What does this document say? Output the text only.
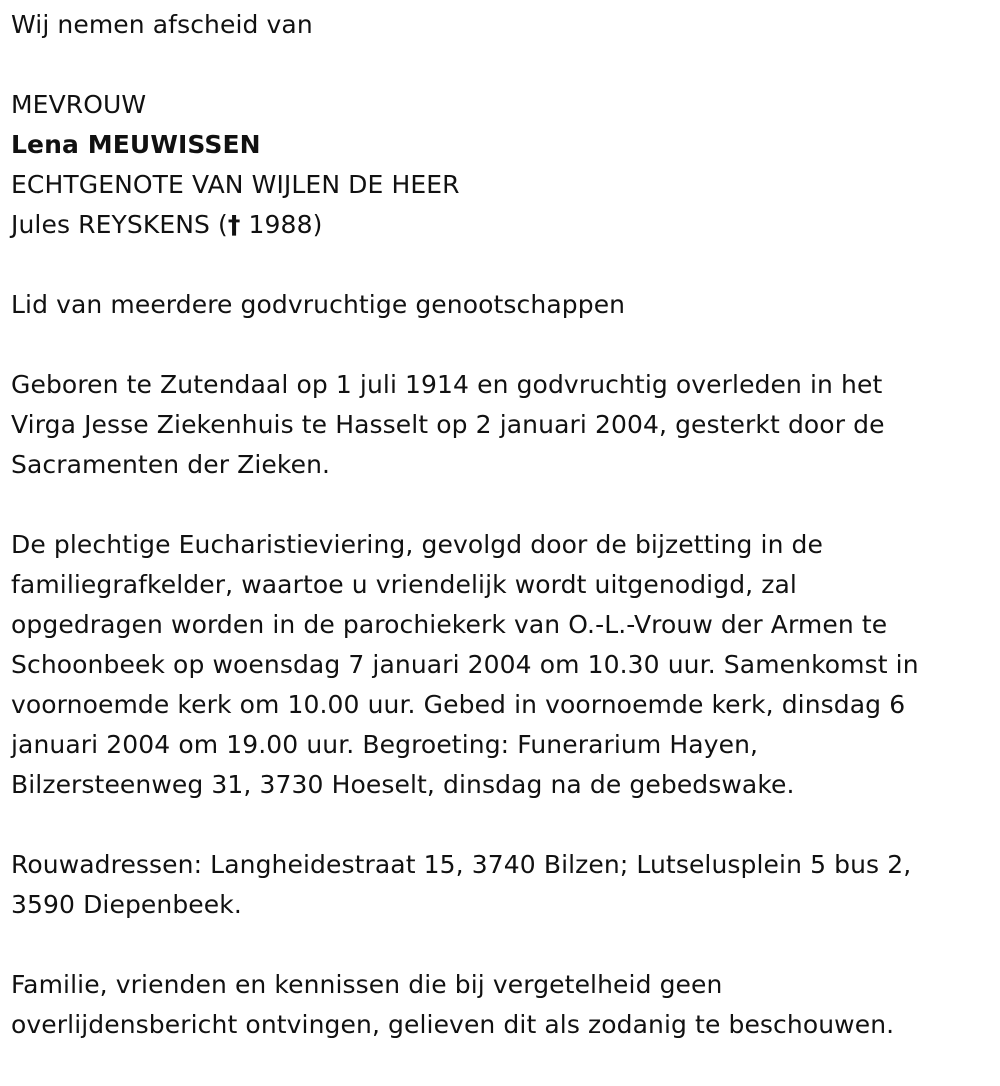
Wij nemen afscheid van
MEVROUW
Lena MEUWISSEN
ECHTGENOTE VAN WIJLEN DE HEER
Jules REYSKENS († 1988)
Lid van meerdere godvruchtige genootschappen
Geboren te Zutendaal op 1 juli 1914 en godvruchtig overleden in het
Virga Jesse Ziekenhuis te Hasselt op 2 januari 2004, gesterkt door de
Sacramenten der Zieken.
De plechtige Eucharistieviering, gevolgd door de bijzetting in de
familiegrafkelder, waartoe u vriendelijk wordt uitgenodigd, zal
opgedragen worden in de parochiekerk van O.-L.-Vrouw der Armen te
Schoonbeek op woensdag 7 januari 2004 om 10.30 uur. Samenkomst in
voornoemde kerk om 10.00 uur. Gebed in voornoemde kerk, dinsdag 6
januari 2004 om 19.00 uur. Begroeting: Funerarium Hayen,
Bilzersteenweg 31, 3730 Hoeselt, dinsdag na de gebedswake.
Rouwadressen: Langheidestraat 15, 3740 Bilzen; Lutselusplein 5 bus 2,
3590 Diepenbeek.
Familie, vrienden en kennissen die bij vergetelheid geen
overlijdensbericht ontvingen, gelieven dit als zodanig te beschouwen.
